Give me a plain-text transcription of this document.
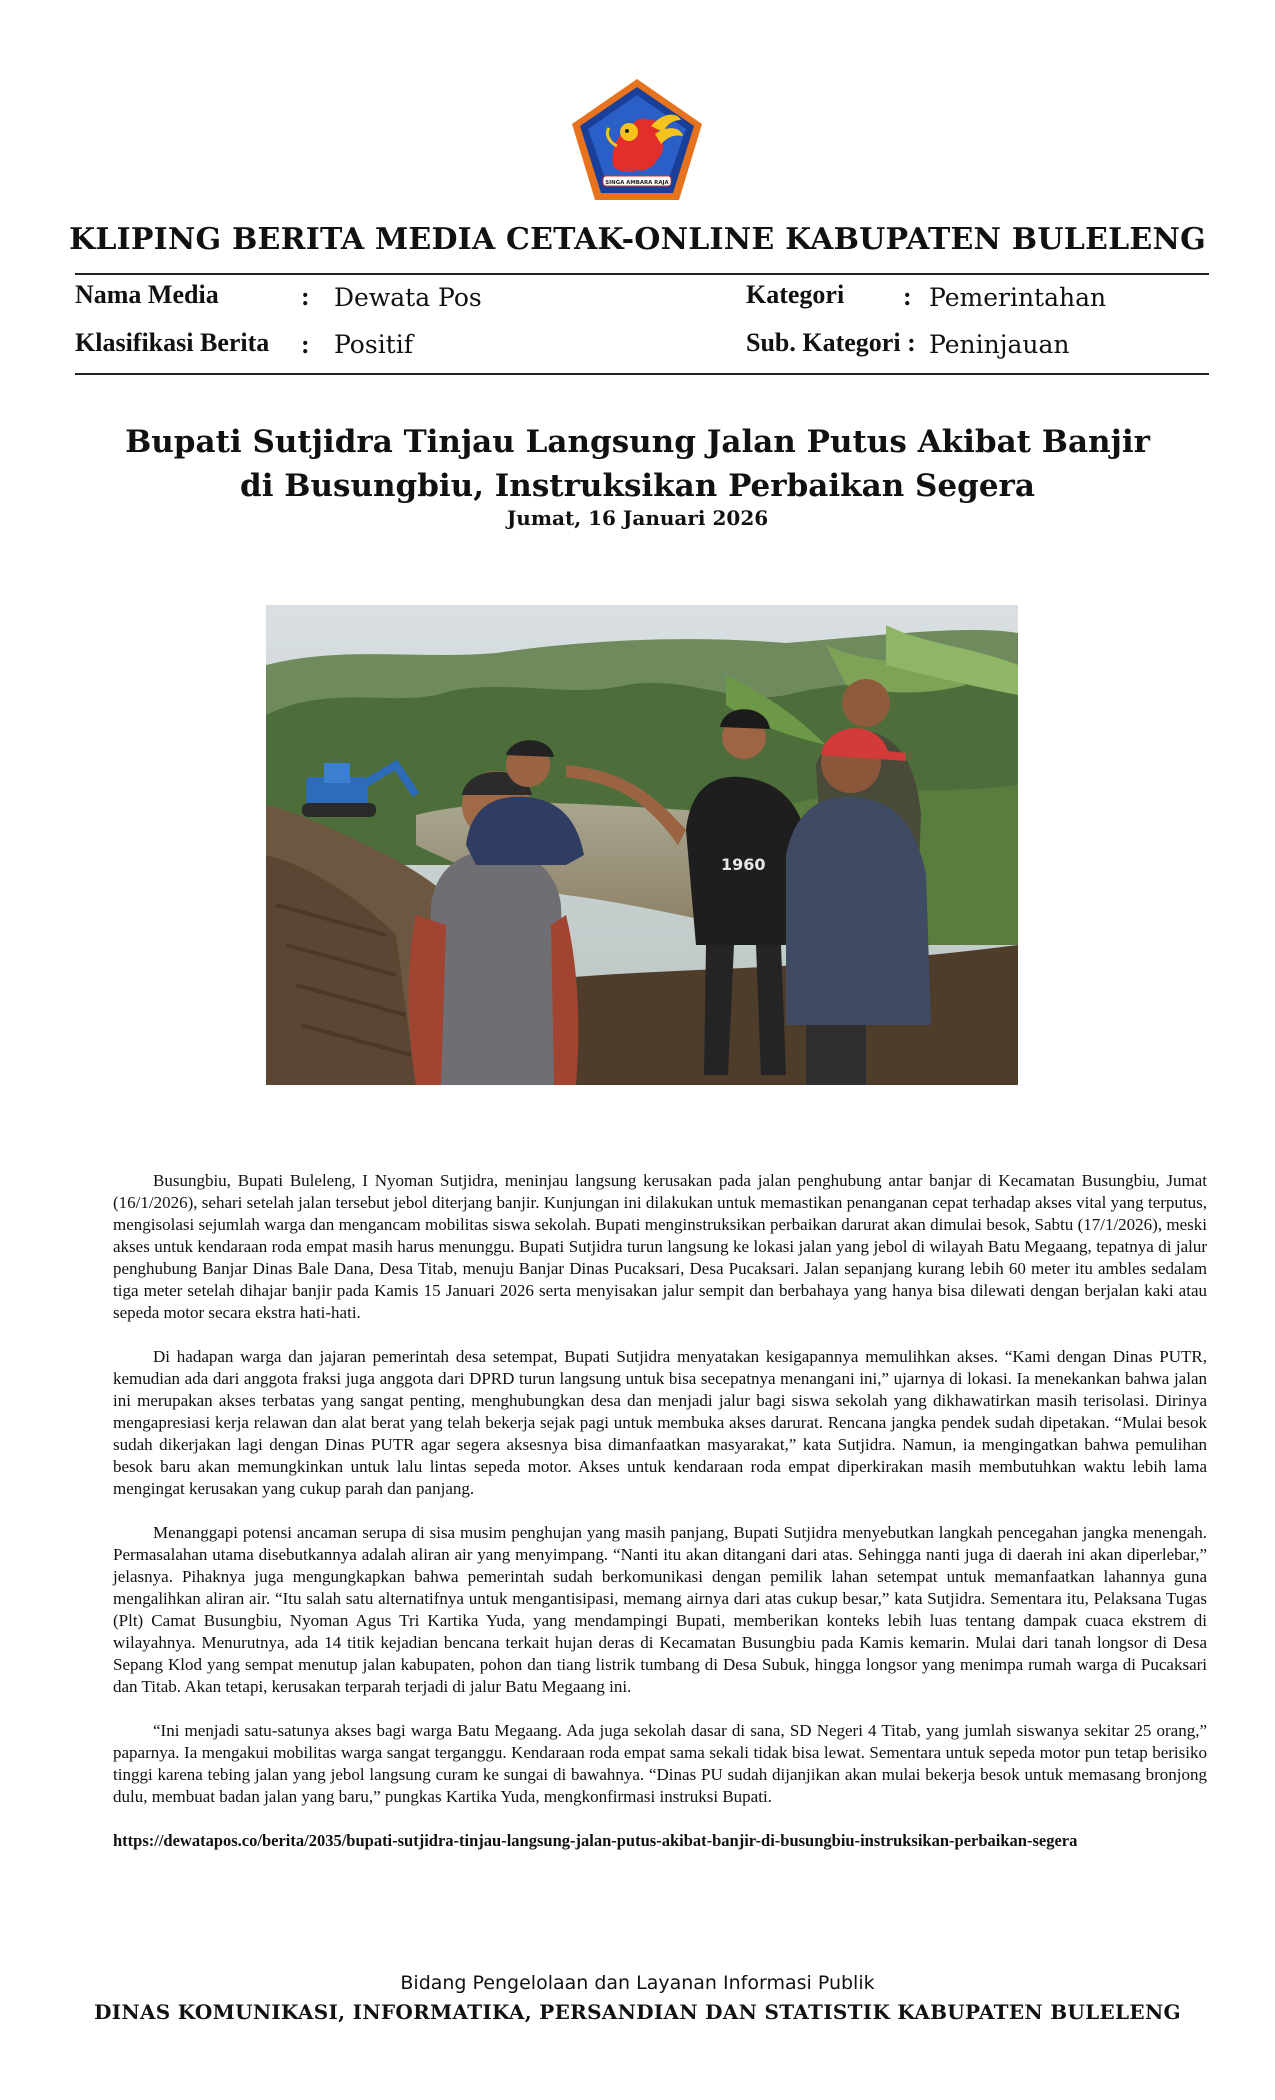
SINGA AMBARA RAJA
KLIPING BERITA MEDIA CETAK-ONLINE KABUPATEN BULELENG
Nama Media	: Dewata Pos
Klasifikasi Berita : Positif
Kategori : Pemerintahan
Sub. Kategori : Peninjauan
Bupati Sutjidra Tinjau Langsung Jalan Putus Akibat Banjir
di Busungbiu, Instruksikan Perbaikan Segera
Jumat, 16 Januari 2026
1960

Busungbiu, Bupati Buleleng, I Nyoman Sutjidra, meninjau langsung kerusakan pada jalan penghubung antar banjar di Kecamatan Busungbiu, Jumat (16/1/2026), sehari setelah jalan tersebut jebol diterjang banjir. Kunjungan ini dilakukan untuk memastikan penanganan cepat terhadap akses vital yang terputus, mengisolasi sejumlah warga dan mengancam mobilitas siswa sekolah. Bupati menginstruksikan perbaikan darurat akan dimulai besok, Sabtu (17/1/2026), meski akses untuk kendaraan roda empat masih harus menunggu. Bupati Sutjidra turun langsung ke lokasi jalan yang jebol di wilayah Batu Megaang, tepatnya di jalur penghubung Banjar Dinas Bale Dana, Desa Titab, menuju Banjar Dinas Pucaksari, Desa Pucaksari. Jalan sepanjang kurang lebih 60 meter itu ambles sedalam tiga meter setelah dihajar banjir pada Kamis 15 Januari 2026 serta menyisakan jalur sempit dan berbahaya yang hanya bisa dilewati dengan berjalan kaki atau sepeda motor secara ekstra hati-hati.

Di hadapan warga dan jajaran pemerintah desa setempat, Bupati Sutjidra menyatakan kesigapannya memulihkan akses. “Kami dengan Dinas PUTR, kemudian ada dari anggota fraksi juga anggota dari DPRD turun langsung untuk bisa secepatnya menangani ini,” ujarnya di lokasi. Ia menekankan bahwa jalan ini merupakan akses terbatas yang sangat penting, menghubungkan desa dan menjadi jalur bagi siswa sekolah yang dikhawatirkan masih terisolasi. Dirinya mengapresiasi kerja relawan dan alat berat yang telah bekerja sejak pagi untuk membuka akses darurat. Rencana jangka pendek sudah dipetakan. “Mulai besok sudah dikerjakan lagi dengan Dinas PUTR agar segera aksesnya bisa dimanfaatkan masyarakat,” kata Sutjidra. Namun, ia mengingatkan bahwa pemulihan besok baru akan memungkinkan untuk lalu lintas sepeda motor. Akses untuk kendaraan roda empat diperkirakan masih membutuhkan waktu lebih lama mengingat kerusakan yang cukup parah dan panjang.

Menanggapi potensi ancaman serupa di sisa musim penghujan yang masih panjang, Bupati Sutjidra menyebutkan langkah pencegahan jangka menengah. Permasalahan utama disebutkannya adalah aliran air yang menyimpang. “Nanti itu akan ditangani dari atas. Sehingga nanti juga di daerah ini akan diperlebar,” jelasnya. Pihaknya juga mengungkapkan bahwa pemerintah sudah berkomunikasi dengan pemilik lahan setempat untuk memanfaatkan lahannya guna mengalihkan aliran air. “Itu salah satu alternatifnya untuk mengantisipasi, memang airnya dari atas cukup besar,” kata Sutjidra. Sementara itu, Pelaksana Tugas (Plt) Camat Busungbiu, Nyoman Agus Tri Kartika Yuda, yang mendampingi Bupati, memberikan konteks lebih luas tentang dampak cuaca ekstrem di wilayahnya. Menurutnya, ada 14 titik kejadian bencana terkait hujan deras di Kecamatan Busungbiu pada Kamis kemarin. Mulai dari tanah longsor di Desa Sepang Klod yang sempat menutup jalan kabupaten, pohon dan tiang listrik tumbang di Desa Subuk, hingga longsor yang menimpa rumah warga di Pucaksari dan Titab. Akan tetapi, kerusakan terparah terjadi di jalur Batu Megaang ini.

“Ini menjadi satu-satunya akses bagi warga Batu Megaang. Ada juga sekolah dasar di sana, SD Negeri 4 Titab, yang jumlah siswanya sekitar 25 orang,” paparnya. Ia mengakui mobilitas warga sangat terganggu. Kendaraan roda empat sama sekali tidak bisa lewat. Sementara untuk sepeda motor pun tetap berisiko tinggi karena tebing jalan yang jebol langsung curam ke sungai di bawahnya. “Dinas PU sudah dijanjikan akan mulai bekerja besok untuk memasang bronjong dulu, membuat badan jalan yang baru,” pungkas Kartika Yuda, mengkonfirmasi instruksi Bupati.

https://dewatapos.co/berita/2035/bupati-sutjidra-tinjau-langsung-jalan-putus-akibat-banjir-di-busungbiu-instruksikan-perbaikan-segera

Bidang Pengelolaan dan Layanan Informasi Publik
DINAS KOMUNIKASI, INFORMATIKA, PERSANDIAN DAN STATISTIK KABUPATEN BULELENG
